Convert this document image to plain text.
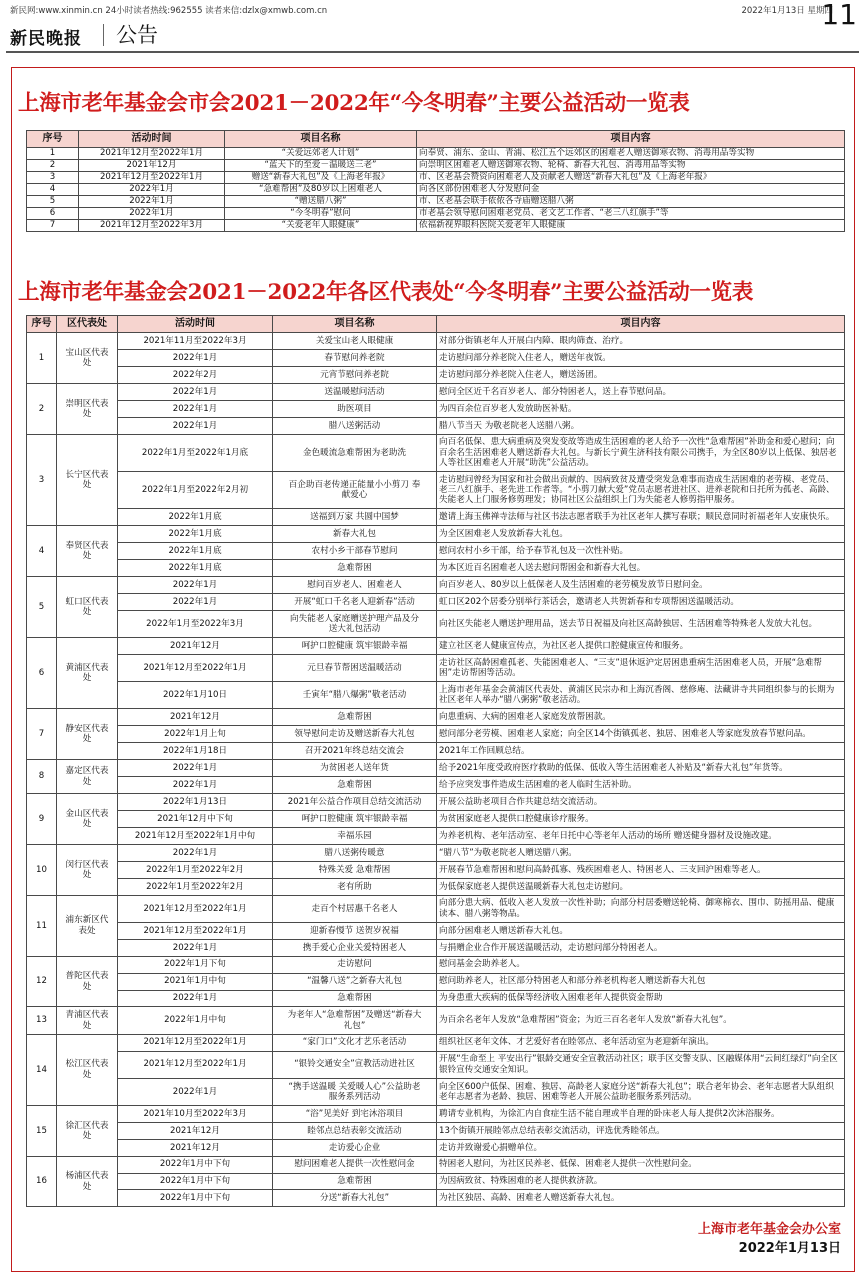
新民网:www.xinmin.cn 24小时读者热线:962555 读者来信:dzlx@xmwb.com.cn	2022年1月13日 星期四
11
新民晚报 公告
上海市老年基金会市会2021－2022年“今冬明春”主要公益活动一览表
序号	活动时间	项目名称	项目内容
1	2021年12月至2022年1月	“关爱远郊老人计划”	向奉贤、浦东、金山、青浦、松江五个远郊区的困难老人赠送御寒衣物、消毒用品等实物
2	2021年12月	“蓝天下的至爱－温暖送三老”	向崇明区困难老人赠送御寒衣物、轮椅、新春大礼包、消毒用品等实物
3	2021年12月至2022年1月	赠送“新春大礼包”及《上海老年报》	市、区老基会赞资向困难老人及贡献老人赠送“新春大礼包”及《上海老年报》
4	2022年1月	“急难帮困”及80岁以上困难老人	向各区部份困难老人分发慰问金
5	2022年1月	“赠送腊八粥”	市、区老基会联手侬侬各寺庙赠送腊八粥
6	2022年1月	“今冬明春”慰问	市老基会领导慰问困难老党员、老文艺工作者、“老三八红旗手”等
7	2021年12月至2022年3月	“关爱老年人眼健康”	依福新视界眼科医院关爱老年人眼健康
上海市老年基金会2021－2022年各区代表处“今冬明春”主要公益活动一览表
序号	区代表处	活动时间	项目名称	项目内容
1	宝山区代表处	2021年11月至2022年3月	关爱宝山老人眼健康	对部分街镇老年人开展白内障、眼肉筛查、治疗。
		2022年1月	春节慰问养老院	走访慰问部分养老院入住老人，赠送年夜饭。
		2022年2月	元宵节慰问养老院	走访慰问部分养老院入住老人，赠送汤团。
2	崇明区代表处	2022年1月	送温暖慰问活动	慰问全区近千名百岁老人、部分特困老人，送上春节慰问品。
		2022年1月	助医项目	为四百余位百岁老人发放助医补贴。
		2022年1月	腊八送粥活动	腊八节当天 为敬老院老人送腊八粥。
3	长宁区代表处	2022年1月至2022年1月底	金色暖流急难帮困为老助洗	向百名低保、患大病重病及突发变故等造成生活困难的老人给予一次性“急难帮困”补助金和爱心慰问；向百余名生活困难老人赠送新春大礼包。与新长宁黄生济科技有限公司携手，为全区80岁以上低保、独居老人等社区困难老人开展“助洗”公益活动。
		2022年1月至2022年2月初	百企助百老传递正能量小小剪刀 奉献爱心	走访慰问曾经为国家和社会做出贡献的、因病致贫及遭受突发急难事而造成生活困难的老劳模、老党员、老三八红旗手、老先进工作者等。“小剪刀献大爱”党员志愿者进社区、进养老院和日托所为孤老、高龄、失能老人上门服务修剪理发；协同社区公益组织上门为失能老人修剪指甲服务。
		2022年1月底	送福到万家 共圆中国梦	邀请上海玉佛禅寺法师与社区书法志愿者联手为社区老年人撰写春联；顺民意同时祈福老年人安康快乐。
4	奉贤区代表处	2022年1月底	新春大礼包	为全区困难老人发放新春大礼包。
		2022年1月底	农村小乡干部春节慰问	慰问农村小乡干部，给予春节礼包及一次性补贴。
		2022年1月底	急难帮困	为本区近百名困难老人送去慰问帮困金和新春大礼包。
5	虹口区代表处	2022年1月	慰问百岁老人、困难老人	向百岁老人、80岁以上低保老人及生活困难的老劳模发放节日慰问金。
		2022年1月	开展“虹口千名老人迎新春”活动	虹口区202个居委分别举行茶话会，邀请老人共贺新春和专项帮困送温暖活动。
		2022年1月至2022年3月	向失能老人家庭赠送护理产品及分送大礼包活动	向社区失能老人赠送护理用品，送去节日祝福及向社区高龄独居、生活困难等特殊老人发放大礼包。
6	黄浦区代表处	2021年12月	呵护口腔健康 筑牢银龄幸福	建立社区老人健康宣传点，为社区老人提供口腔健康宣传和服务。
		2021年12月至2022年1月	元旦春节帮困送温暖活动	走访社区高龄困难孤老、失能困难老人、“三支”退休返沪定居困患重病生活困难老人员，开展“急难帮困”走访帮困等活动。
		2022年1月10日	壬寅年“腊八爆粥”敬老活动	上海市老年基金会黄浦区代表处、黄浦区民宗办和上海沉香阁、慈修庵、法藏讲寺共同组织参与的长期为社区老年人举办“腊八粥粥”敬老活动。
7	静安区代表处	2021年12月	急难帮困	向患重病、大病的困难老人家庭发放帮困款。
		2022年1月上旬	领导慰问走访及赠送新春大礼包	慰问部分老劳模、困难老人家庭；向全区14个街镇孤老、独居、困难老人等家庭发放春节慰问品。
		2022年1月18日	召开2021年终总结交流会	2021年工作回顾总结。
8	嘉定区代表处	2022年1月	为贫困老人送年货	给予2021年度受政府医疗救助的低保、低收入等生活困难老人补贴及“新春大礼包”年货等。
		2022年1月	急难帮困	给予应突发事件造成生活困难的老人临时生活补助。
9	金山区代表处	2022年1月13日	2021年公益合作项目总结交流活动	开展公益助老项目合作共建总结交流活动。
		2021年12月中下旬	呵护口腔健康 筑牢银龄幸福	为贫困家庭老人提供口腔健康诊疗服务。
		2021年12月至2022年1月中旬	幸福乐园	为养老机构、老年活动室、老年日托中心等老年人活动的场所 赠送健身器材及设施改建。
10	闵行区代表处	2022年1月	腊八送粥传暖意	“腊八节”为敬老院老人赠送腊八粥。
		2022年1月至2022年2月	特殊关爱 急难帮困	开展春节急难帮困和慰问高龄孤寡、残疾困难老人、特困老人、三支回沪困难等老人。
		2022年1月至2022年2月	老有所助	为低保家庭老人提供送温暖新春大礼包走访慰问。
11	浦东新区代表处	2021年12月至2022年1月	走百个村居惠千名老人	向部分患大病、低收入老人发放一次性补助；向部分村居委赠送轮椅、御寒棉衣、围巾、防摇用品、健康读本、腊八粥等物品。
		2021年12月至2022年1月	迎新春慢节 送贺岁祝福	向部分困难老人赠送新春大礼包。
		2022年1月	携手爱心企业关爱特困老人	与捐赠企业合作开展送温暖活动，走访慰问部分特困老人。
12	普陀区代表处	2022年1月下旬	走访慰问	慰问基金会助养老人。
		2021年1月中旬	“温馨八送”之新春大礼包	慰问助养老人，社区部分特困老人和部分养老机构老人赠送新春大礼包
		2022年1月	急难帮困	为身患重大疾病的低保等经济收入困难老年人提供资金帮助
13	青浦区代表处	2022年1月中旬	为老年人“急难帮困”及赠送“新春大礼包”	为百余名老年人发放“急难帮困”资金；为近三百名老年人发放“新春大礼包”。
14	松江区代表处	2021年12月至2022年1月	“家门口”文化才艺乐老活动	组织社区老年文体、才艺爱好者在睦邻点、老年活动室为老迎新年演出。
		2021年12月至2022年1月	“银铃交通安全”宣教活动进社区	开展“生命至上 平安出行”银龄交通安全宣教活动社区；联手区交警支队、区融媒体用“云间红绿灯”向全区银铃宣传交通安全知识。
		2022年1月	“携手送温暖 关爱暖人心”公益助老服务系列活动	向全区600户低保、困难、独居、高龄老人家庭分送“新春大礼包”；联合老年协会、老年志愿者大队组织老年志愿者为老龄、独居、困难等老人开展公益助老服务系列活动。
15	徐汇区代表处	2021年10月至2022年3月	“浴”见美好 到宅沐浴项目	聘请专业机构，为徐汇内自食症生活不能自理或半自理的卧床老人每人提供2次沐浴服务。
		2021年12月	睦邻点总结表彰交流活动	13个街镇开展睦邻点总结表彰交流活动，评选优秀睦邻点。
		2021年12月	走访爱心企业	走访并致谢爱心捐赠单位。
16	杨浦区代表处	2022年1月中下旬	慰问困难老人提供一次性慰问金	特困老人慰问，为社区民养老、低保、困难老人提供一次性慰问金。
		2022年1月中下旬	急难帮困	为因病致贫、特殊困难的老人提供救济款。
		2022年1月中下旬	分送“新春大礼包”	为社区独居、高龄、困难老人赠送新春大礼包。
上海市老年基金会办公室
2022年1月13日
